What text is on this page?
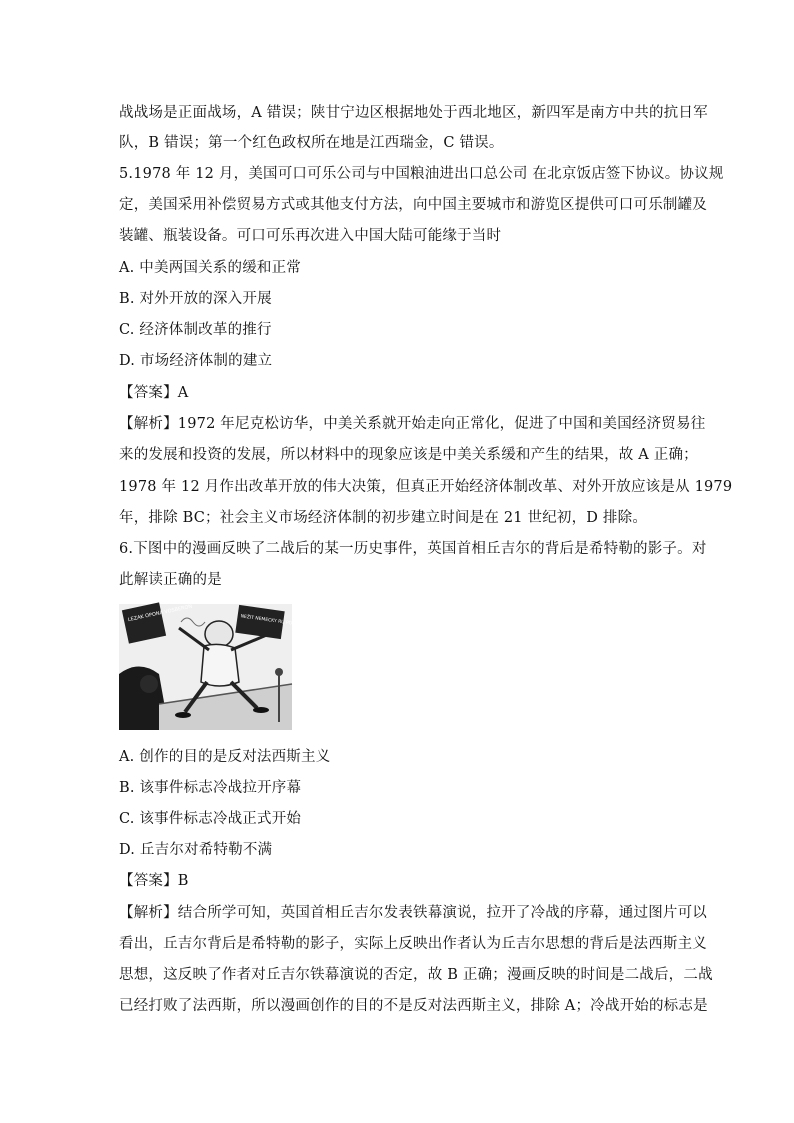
战战场是正面战场，A 错误；陕甘宁边区根据地处于西北地区，新四军是南方中共的抗日军
队，B 错误；第一个红色政权所在地是江西瑞金，C 错误。
5.1978 年 12 月，美国可口可乐公司与中国粮油进出口总公司 在北京饭店签下协议。协议规
定，美国采用补偿贸易方式或其他支付方法，向中国主要城市和游览区提供可口可乐制罐及
装罐、瓶装设备。可口可乐再次进入中国大陆可能缘于当时
A. 中美两国关系的缓和正常
B. 对外开放的深入开展
C. 经济体制改革的推行
D. 市场经济体制的建立
【答案】A
【解析】1972 年尼克松访华，中美关系就开始走向正常化，促进了中国和美国经济贸易往
来的发展和投资的发展，所以材料中的现象应该是中美关系缓和产生的结果，故 A 正确；
1978 年 12 月作出改革开放的伟大决策，但真正开始经济体制改革、对外开放应该是从 1979
年，排除 BC；社会主义市场经济体制的初步建立时间是在 21 世纪初，D 排除。
6.下图中的漫画反映了二战后的某一历史事件，英国首相丘吉尔的背后是希特勒的影子。对
此解读正确的是
LEZAK OPONA VOSBERON	NEŽIT NEMECKY RU POMOCI
A. 创作的目的是反对法西斯主义
B. 该事件标志冷战拉开序幕
C. 该事件标志冷战正式开始
D. 丘吉尔对希特勒不满
【答案】B
【解析】结合所学可知，英国首相丘吉尔发表铁幕演说，拉开了冷战的序幕，通过图片可以
看出，丘吉尔背后是希特勒的影子，实际上反映出作者认为丘吉尔思想的背后是法西斯主义
思想，这反映了作者对丘吉尔铁幕演说的否定，故 B 正确；漫画反映的时间是二战后，二战
已经打败了法西斯，所以漫画创作的目的不是反对法西斯主义，排除 A；冷战开始的标志是
